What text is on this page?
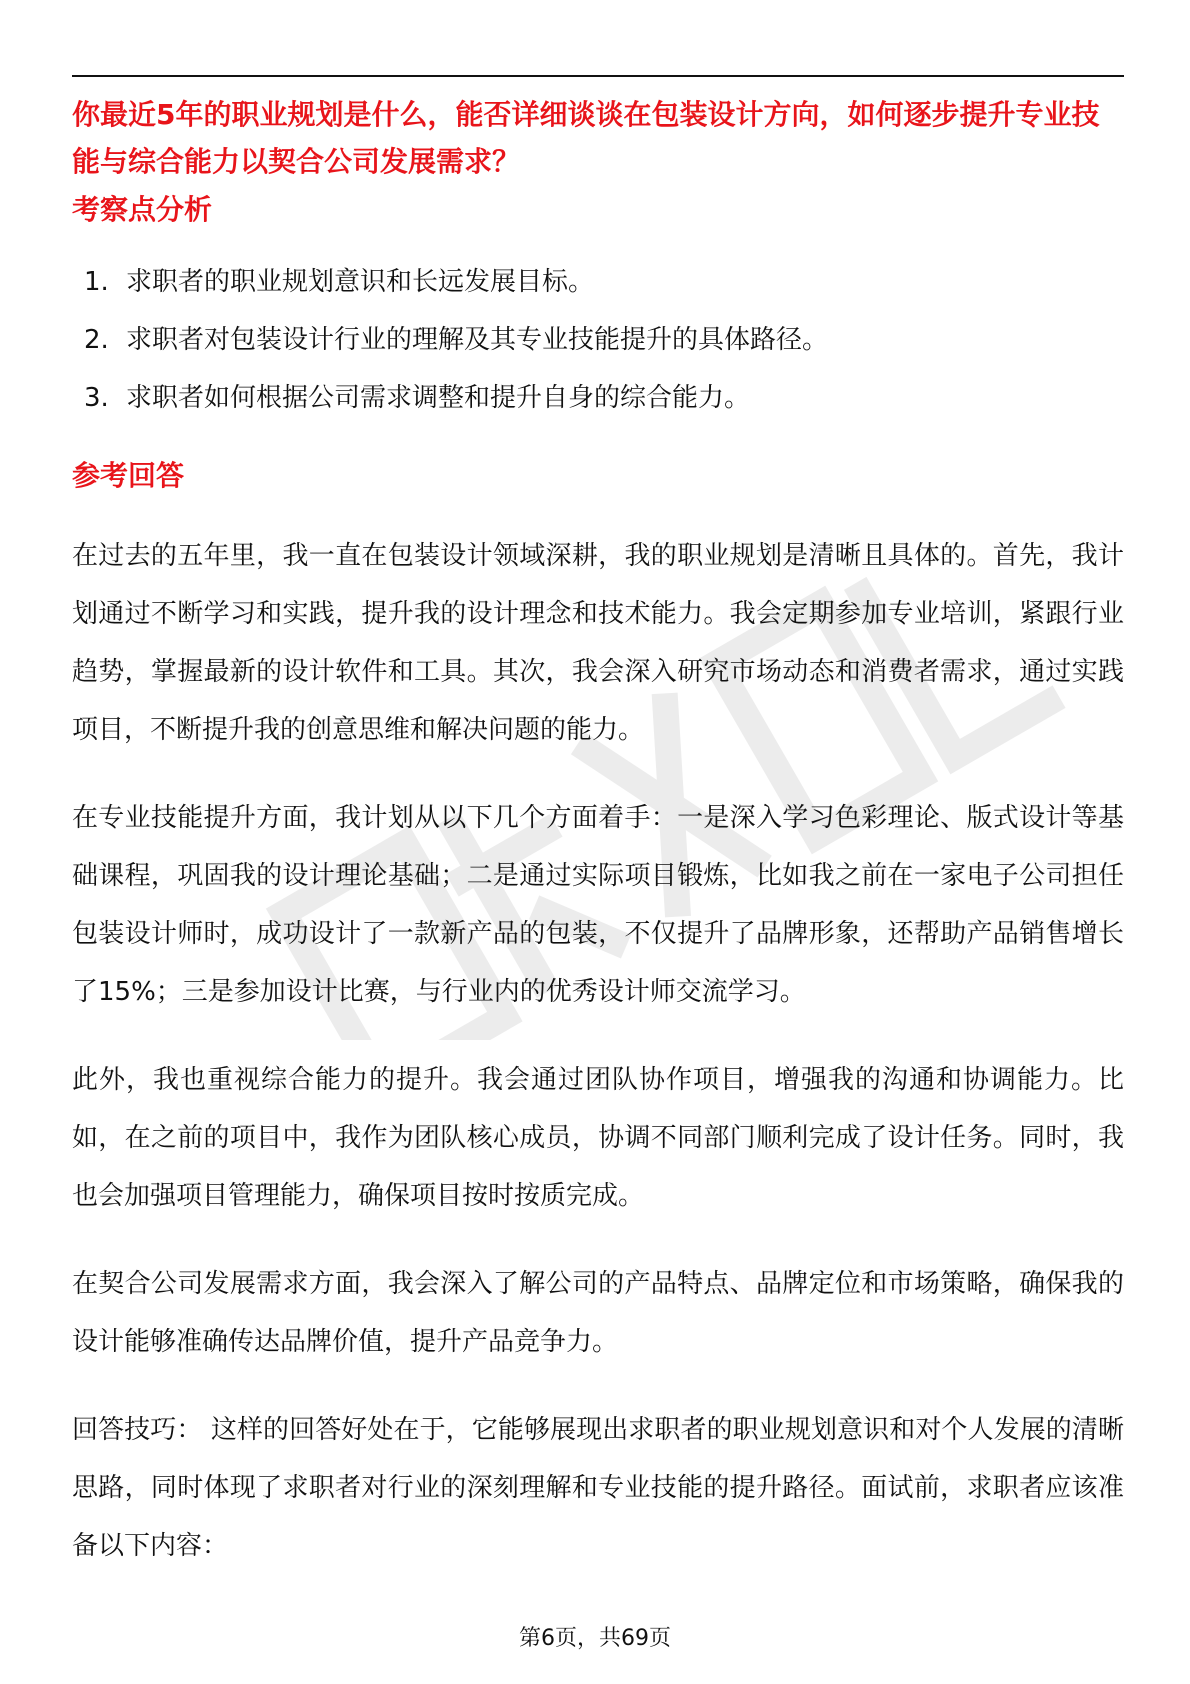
你最近5年的职业规划是什么，能否详细谈谈在包装设计方向，如何逐步提升专业技能与综合能力以契合公司发展需求？
考察点分析
1. 求职者的职业规划意识和长远发展目标。
2. 求职者对包装设计行业的理解及其专业技能提升的具体路径。
3. 求职者如何根据公司需求调整和提升自身的综合能力。
参考回答

在过去的五年里，我一直在包装设计领域深耕，我的职业规划是清晰且具体的。首先，我计划通过不断学习和实践，提升我的设计理念和技术能力。我会定期参加专业培训，紧跟行业趋势，掌握最新的设计软件和工具。其次，我会深入研究市场动态和消费者需求，通过实践项目，不断提升我的创意思维和解决问题的能力。

在专业技能提升方面，我计划从以下几个方面着手：一是深入学习色彩理论、版式设计等基础课程，巩固我的设计理论基础；二是通过实际项目锻炼，比如我之前在一家电子公司担任包装设计师时，成功设计了一款新产品的包装，不仅提升了品牌形象，还帮助产品销售增长了15%；三是参加设计比赛，与行业内的优秀设计师交流学习。

此外，我也重视综合能力的提升。我会通过团队协作项目，增强我的沟通和协调能力。比如，在之前的项目中，我作为团队核心成员，协调不同部门顺利完成了设计任务。同时，我也会加强项目管理能力，确保项目按时按质完成。

在契合公司发展需求方面，我会深入了解公司的产品特点、品牌定位和市场策略，确保我的设计能够准确传达品牌价值，提升产品竞争力。

回答技巧： 这样的回答好处在于，它能够展现出求职者的职业规划意识和对个人发展的清晰思路，同时体现了求职者对行业的深刻理解和专业技能的提升路径。面试前，求职者应该准备以下内容：

第6页，共69页
